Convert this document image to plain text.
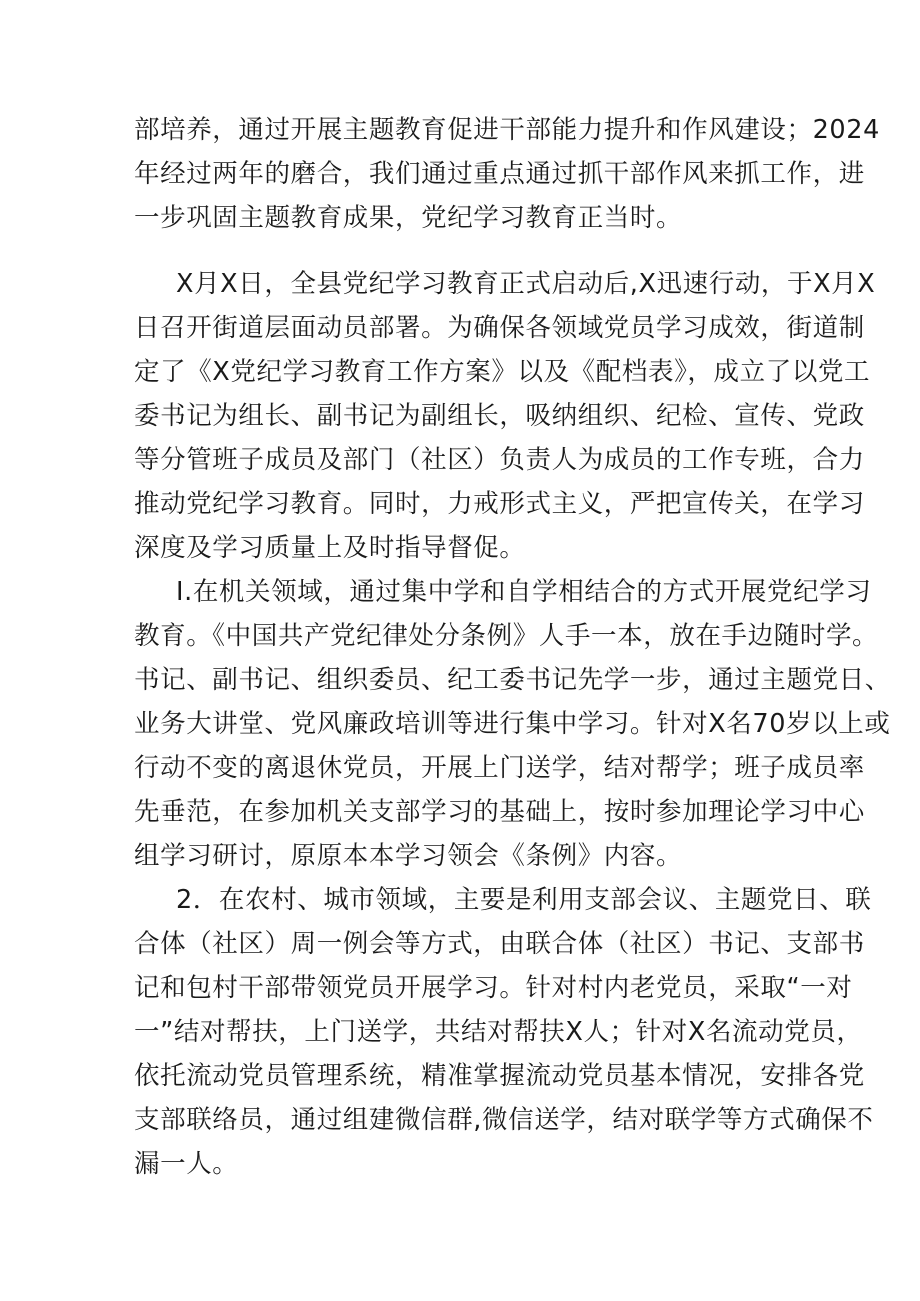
部培养，通过开展主题教育促进干部能力提升和作风建设；2024
年经过两年的磨合，我们通过重点通过抓干部作风来抓工作，进
一步巩固主题教育成果，党纪学习教育正当时。
X月X日，全县党纪学习教育正式启动后,X迅速行动，于X月X
日召开街道层面动员部署。为确保各领域党员学习成效，街道制
定了《X党纪学习教育工作方案》以及《配档表》，成立了以党工
委书记为组长、副书记为副组长，吸纳组织、纪检、宣传、党政
等分管班子成员及部门（社区）负责人为成员的工作专班，合力
推动党纪学习教育。同时，力戒形式主义，严把宣传关，在学习
深度及学习质量上及时指导督促。
I.在机关领域，通过集中学和自学相结合的方式开展党纪学习
教育。《中国共产党纪律处分条例》人手一本，放在手边随时学。
书记、副书记、组织委员、纪工委书记先学一步，通过主题党日、
业务大讲堂、党风廉政培训等进行集中学习。针对X名70岁以上或
行动不变的离退休党员，开展上门送学，结对帮学；班子成员率
先垂范，在参加机关支部学习的基础上，按时参加理论学习中心
组学习研讨，原原本本学习领会《条例》内容。
2．在农村、城市领域，主要是利用支部会议、主题党日、联
合体（社区）周一例会等方式，由联合体（社区）书记、支部书
记和包村干部带领党员开展学习。针对村内老党员，采取“一对
一”结对帮扶，上门送学，共结对帮扶X人；针对X名流动党员，
依托流动党员管理系统，精准掌握流动党员基本情况，安排各党
支部联络员，通过组建微信群,微信送学，结对联学等方式确保不
漏一人。
